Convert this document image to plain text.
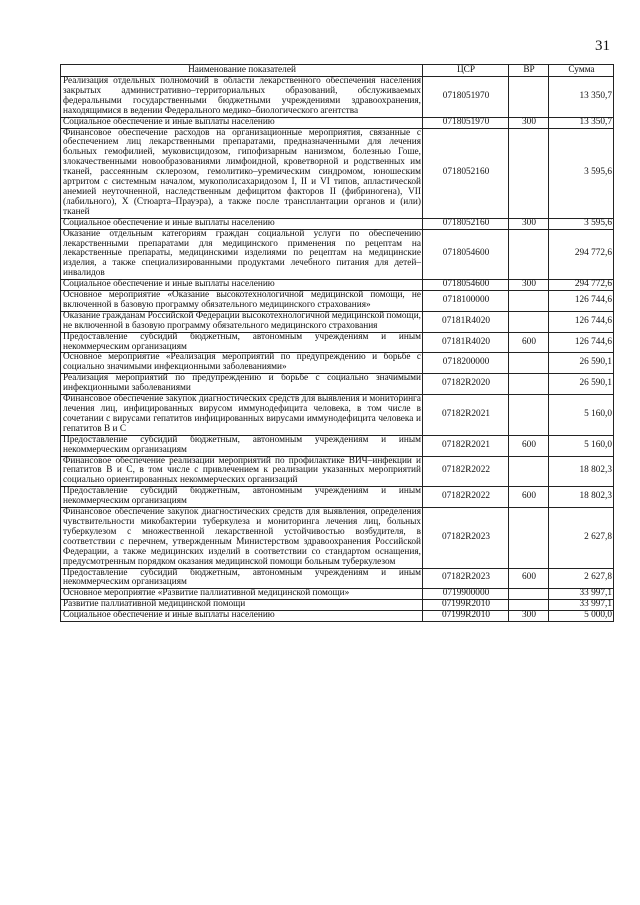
31
Наименование показателей	ЦСР	ВР	Сумма
Реализация отдельных полномочий в области лекарственного обеспечения населения закрытых административно–территориальных образований, обслуживаемых федеральными государственными бюджетными учреждениями здравоохранения, находящимися в ведении Федерального медико–биологического агентства	0718051970		13 350,7
Социальное обеспечение и иные выплаты населению	0718051970	300	13 350,7
Финансовое обеспечение расходов на организационные мероприятия, связанные с обеспечением лиц лекарственными препаратами, предназначенными для лечения больных гемофилией, муковисцидозом, гипофизарным нанизмом, болезнью Гоше, злокачественными новообразованиями лимфоидной, кроветворной и родственных им тканей, рассеянным склерозом, гемолитико–уремическим синдромом, юношеским артритом с системным началом, мукополисахаридозом I, II и VI типов, апластической анемией неуточненной, наследственным дефицитом факторов II (фибриногена), VII (лабильного), X (Стюарта–Прауэра), а также после трансплантации органов и (или) тканей	0718052160		3 595,6
Социальное обеспечение и иные выплаты населению	0718052160	300	3 595,6
Оказание отдельным категориям граждан социальной услуги по обеспечению лекарственными препаратами для медицинского применения по рецептам на лекарственные препараты, медицинскими изделиями по рецептам на медицинские изделия, а также специализированными продуктами лечебного питания для детей–инвалидов	0718054600		294 772,6
Социальное обеспечение и иные выплаты населению	0718054600	300	294 772,6
Основное мероприятие «Оказание высокотехнологичной медицинской помощи, не включенной в базовую программу обязательного медицинского страхования»	0718100000		126 744,6
Оказание гражданам Российской Федерации высокотехнологичной медицинской помощи, не включенной в базовую программу обязательного медицинского страхования	07181R4020		126 744,6
Предоставление субсидий бюджетным, автономным учреждениям и иным некоммерческим организациям	07181R4020	600	126 744,6
Основное мероприятие «Реализация мероприятий по предупреждению и борьбе с социально значимыми инфекционными заболеваниями»	0718200000		26 590,1
Реализация мероприятий по предупреждению и борьбе с социально значимыми инфекционными заболеваниями	07182R2020		26 590,1
Финансовое обеспечение закупок диагностических средств для выявления и мониторинга лечения лиц, инфицированных вирусом иммунодефицита человека, в том числе в сочетании с вирусами гепатитов инфицированных вирусами иммунодефицита человека и гепатитов В и С	07182R2021		5 160,0
Предоставление субсидий бюджетным, автономным учреждениям и иным некоммерческим организациям	07182R2021	600	5 160,0
Финансовое обеспечение реализации мероприятий по профилактике ВИЧ–инфекции и гепатитов В и С, в том числе с привлечением к реализации указанных мероприятий социально ориентированных некоммерческих организаций	07182R2022		18 802,3
Предоставление субсидий бюджетным, автономным учреждениям и иным некоммерческим организациям	07182R2022	600	18 802,3
Финансовое обеспечение закупок диагностических средств для выявления, определения чувствительности микобактерии туберкулеза и мониторинга лечения лиц, больных туберкулезом с множественной лекарственной устойчивостью возбудителя, в соответствии с перечнем, утвержденным Министерством здравоохранения Российской Федерации, а также медицинских изделий в соответствии со стандартом оснащения, предусмотренным порядком оказания медицинской помощи больным туберкулезом	07182R2023		2 627,8
Предоставление субсидий бюджетным, автономным учреждениям и иным некоммерческим организациям	07182R2023	600	2 627,8
Основное мероприятие «Развитие паллиативной медицинской помощи»	0719900000		33 997,1
Развитие паллиативной медицинской помощи	07199R2010		33 997,1
Социальное обеспечение и иные выплаты населению	07199R2010	300	5 000,0
